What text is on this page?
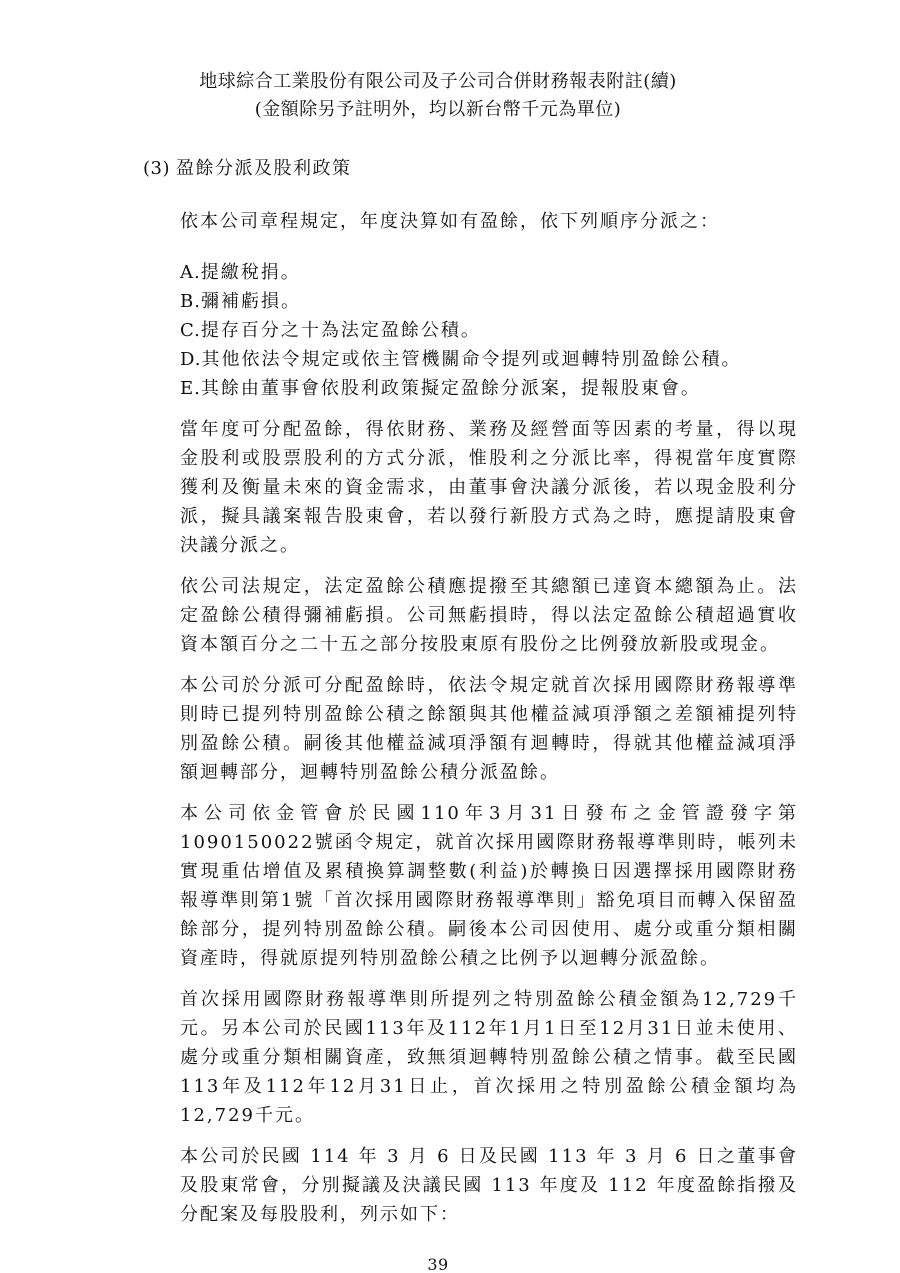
地球綜合工業股份有限公司及子公司合併財務報表附註(續)
(金額除另予註明外，均以新台幣千元為單位)
(3) 盈餘分派及股利政策

依本公司章程規定，年度決算如有盈餘，依下列順序分派之：

A.提繳稅捐。
B.彌補虧損。
C.提存百分之十為法定盈餘公積。
D.其他依法令規定或依主管機關命令提列或迴轉特別盈餘公積。
E.其餘由董事會依股利政策擬定盈餘分派案，提報股東會。

當年度可分配盈餘，得依財務、業務及經營面等因素的考量，得以現金股利或股票股利的方式分派，惟股利之分派比率，得視當年度實際獲利及衡量未來的資金需求，由董事會決議分派後，若以現金股利分派，擬具議案報告股東會，若以發行新股方式為之時，應提請股東會決議分派之。

依公司法規定，法定盈餘公積應提撥至其總額已達資本總額為止。法定盈餘公積得彌補虧損。公司無虧損時，得以法定盈餘公積超過實收資本額百分之二十五之部分按股東原有股份之比例發放新股或現金。

本公司於分派可分配盈餘時，依法令規定就首次採用國際財務報導準則時已提列特別盈餘公積之餘額與其他權益減項淨額之差額補提列特別盈餘公積。嗣後其他權益減項淨額有迴轉時，得就其他權益減項淨額迴轉部分，迴轉特別盈餘公積分派盈餘。

本公司依金管會於民國110年3月31日發布之金管證發字第1090150022號函令規定，就首次採用國際財務報導準則時，帳列未實現重估增值及累積換算調整數(利益)於轉換日因選擇採用國際財務報導準則第1號「首次採用國際財務報導準則」豁免項目而轉入保留盈餘部分，提列特別盈餘公積。嗣後本公司因使用、處分或重分類相關資產時，得就原提列特別盈餘公積之比例予以迴轉分派盈餘。

首次採用國際財務報導準則所提列之特別盈餘公積金額為12,729千元。另本公司於民國113年及112年1月1日至12月31日並未使用、處分或重分類相關資產，致無須迴轉特別盈餘公積之情事。截至民國113年及112年12月31日止，首次採用之特別盈餘公積金額均為12,729千元。

本公司於民國 114 年 3 月 6 日及民國 113 年 3 月 6 日之董事會及股東常會，分別擬議及決議民國 113 年度及 112 年度盈餘指撥及分配案及每股股利，列示如下：

39
